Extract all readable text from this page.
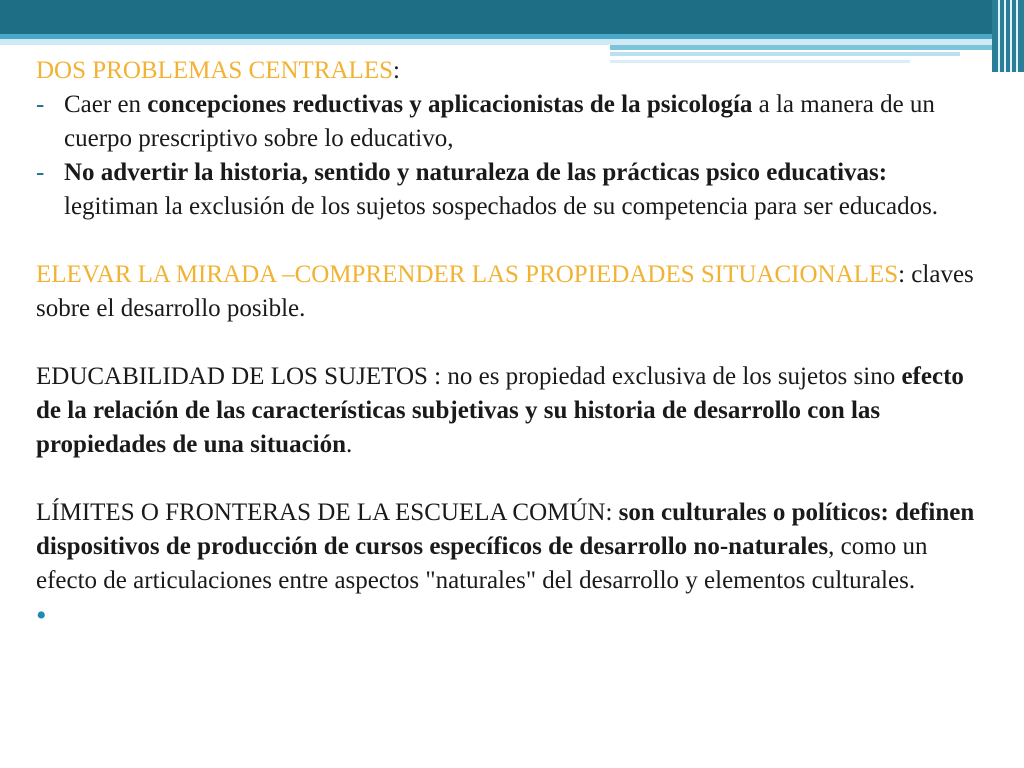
DOS PROBLEMAS CENTRALES:

- Caer en concepciones reductivas y aplicacionistas de la psicología a la manera de un cuerpo prescriptivo sobre lo educativo,
- No advertir la historia, sentido y naturaleza de las prácticas psico educativas: legitiman la exclusión de los sujetos sospechados de su competencia para ser educados.

ELEVAR LA MIRADA –COMPRENDER LAS PROPIEDADES SITUACIONALES: claves sobre el desarrollo posible.

EDUCABILIDAD DE LOS SUJETOS : no es propiedad exclusiva de los sujetos sino efecto de la relación de las características subjetivas y su historia de desarrollo con las propiedades de una situación.

LÍMITES O FRONTERAS DE LA ESCUELA COMÚN: son culturales o políticos: definen dispositivos de producción de cursos específicos de desarrollo no-naturales, como un efecto de articulaciones entre aspectos "naturales" del desarrollo y elementos culturales.

•
